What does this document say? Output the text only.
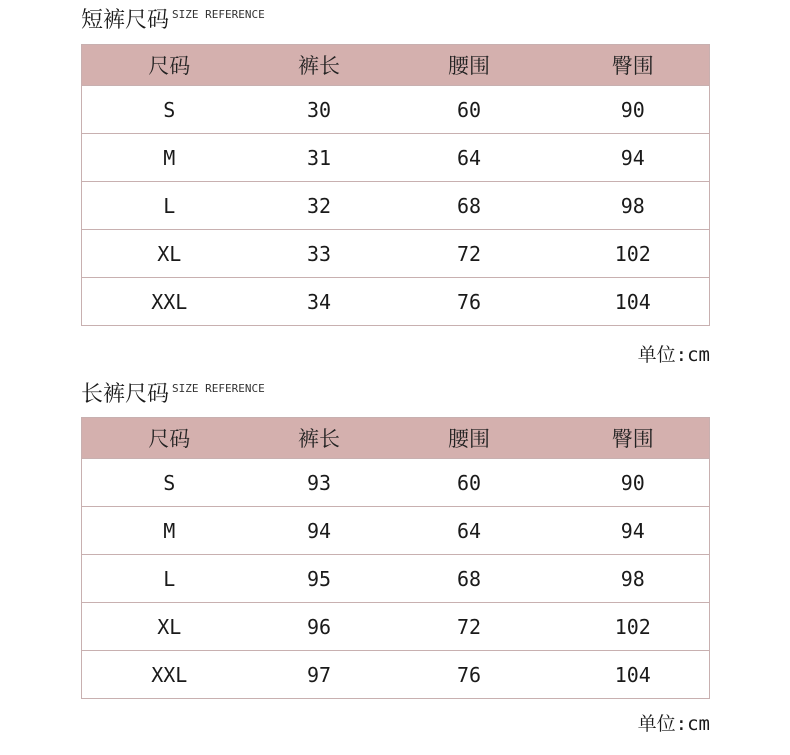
短裤尺码 SIZE REFERENCE
尺码	裤长	腰围	臀围
S	30	60	90
M	31	64	94
L	32	68	98
XL	33	72	102
XXL	34	76	104
单位:cm
长裤尺码 SIZE REFERENCE
尺码	裤长	腰围	臀围
S	93	60	90
M	94	64	94
L	95	68	98
XL	96	72	102
XXL	97	76	104
单位:cm
